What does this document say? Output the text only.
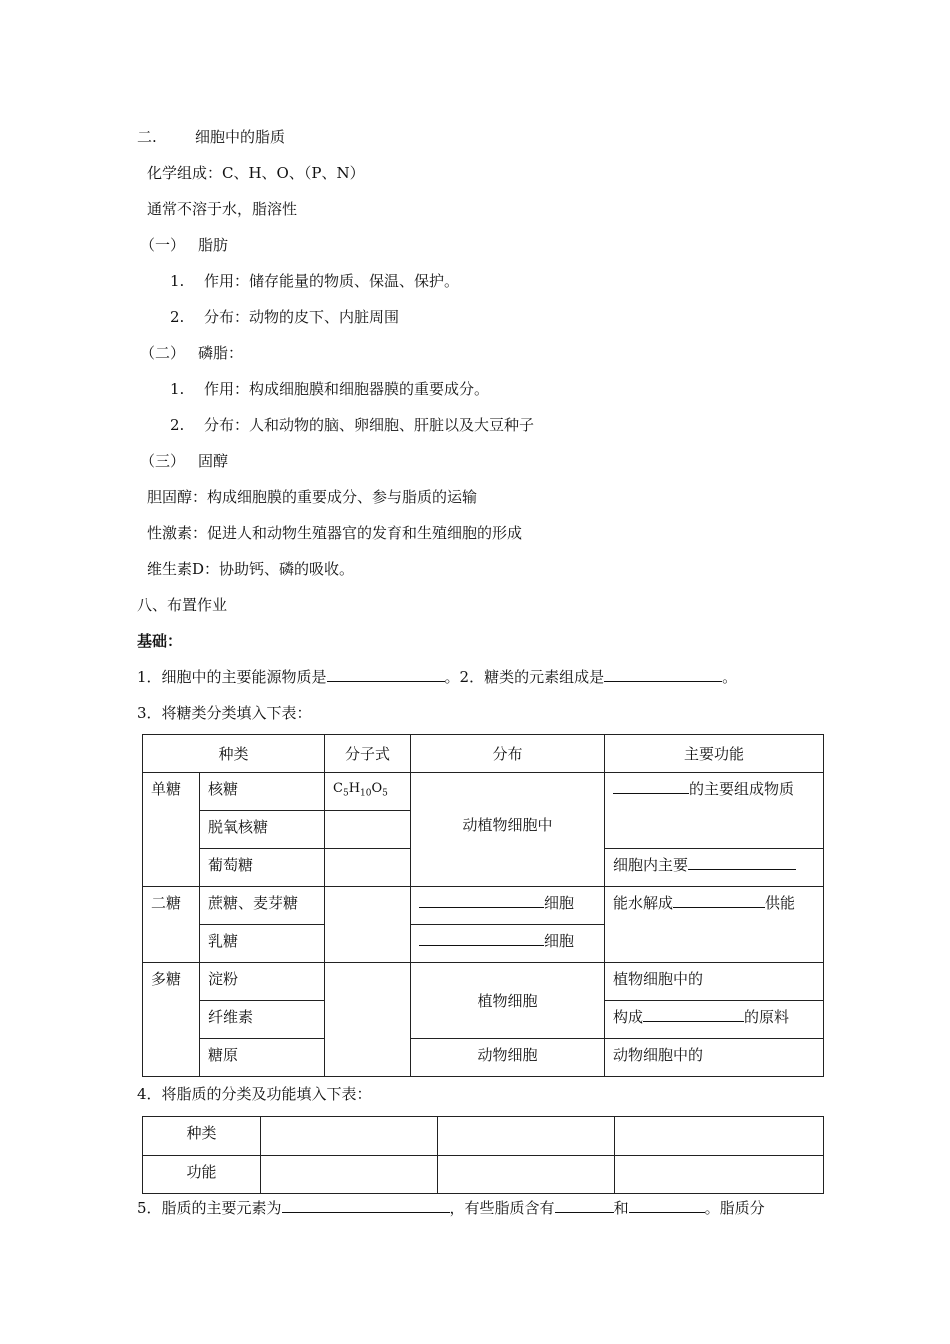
二.	细胞中的脂质
化学组成：C、H、O、（P、N）
通常不溶于水，脂溶性
（一） 脂肪
1. 作用：储存能量的物质、保温、保护。
2. 分布：动物的皮下、内脏周围
（二） 磷脂：
1. 作用：构成细胞膜和细胞器膜的重要成分。
2. 分布：人和动物的脑、卵细胞、肝脏以及大豆种子
（三） 固醇
胆固醇：构成细胞膜的重要成分、参与脂质的运输
性激素：促进人和动物生殖器官的发育和生殖细胞的形成
维生素D：协助钙、磷的吸收。
八、布置作业
基础：
1．细胞中的主要能源物质是	。2．糖类的元素组成是	。
3．将糖类分类填入下表：
种类		分子式	分布	主要功能
单糖	核糖	$C_5H_{10}O_5$	动植物细胞中	的主要组成物质
	脱氧核糖			
	葡萄糖			细胞内主要
二糖	蔗糖、麦芽糖		细胞	能水解成 供能
	乳糖		细胞	
多糖	淀粉		植物细胞	植物细胞中的
	纤维素			构成 的原料
	糖原		动物细胞	动物细胞中的
4．将脂质的分类及功能填入下表：
种类			
功能			
5．脂质的主要元素为	，有些脂质含有	和	。脂质分
